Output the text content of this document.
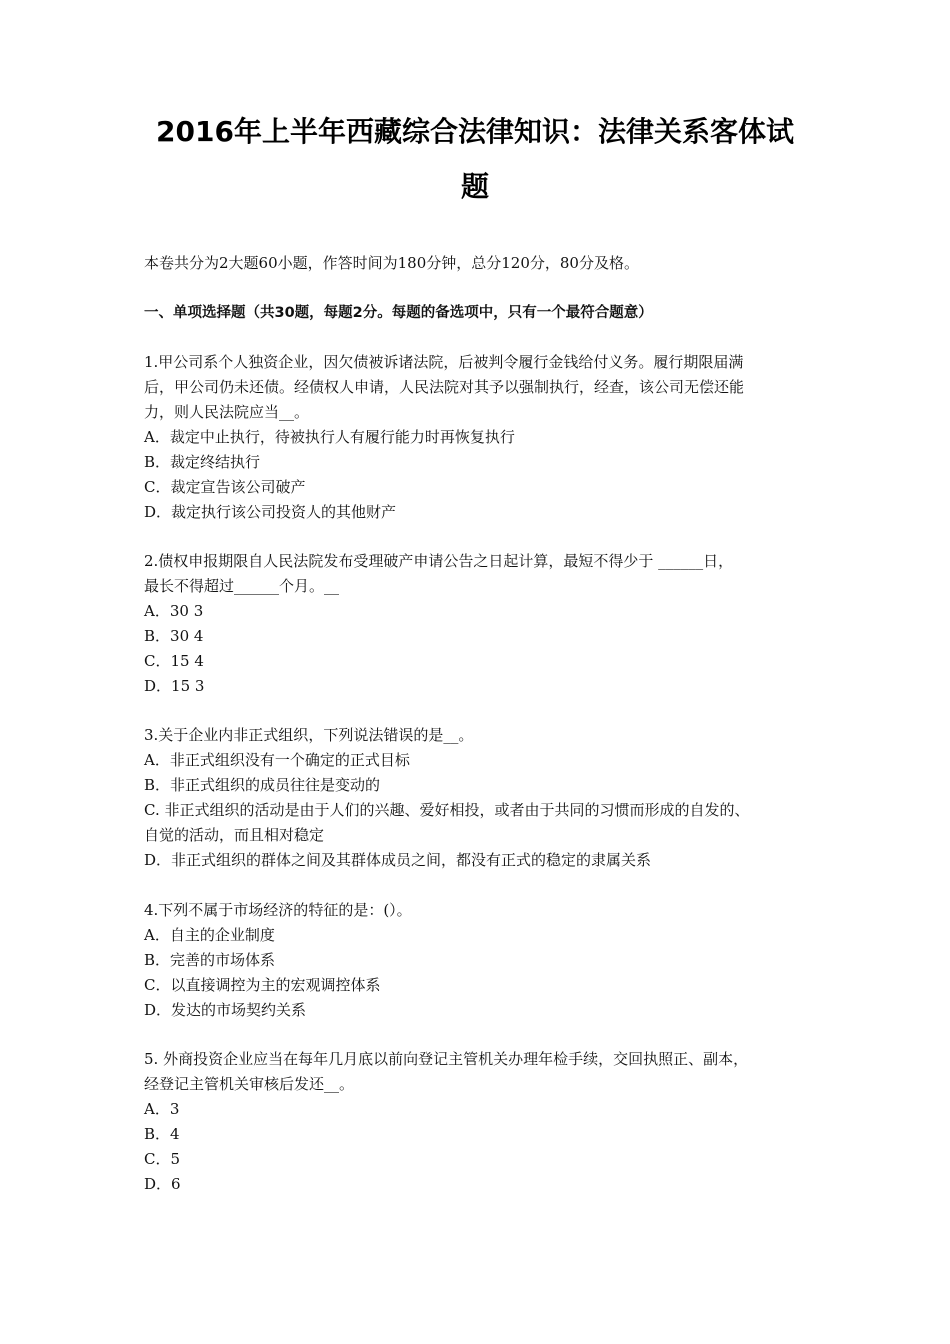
2016年上半年西藏综合法律知识：法律关系客体试
题
本卷共分为2大题60小题，作答时间为180分钟，总分120分，80分及格。
一、单项选择题（共30题，每题2分。每题的备选项中，只有一个最符合题意）
1.甲公司系个人独资企业，因欠债被诉诸法院，后被判令履行金钱给付义务。履行期限届满
后，甲公司仍未还债。经债权人申请，人民法院对其予以强制执行，经查，该公司无偿还能
力，则人民法院应当__。
A．裁定中止执行，待被执行人有履行能力时再恢复执行
B．裁定终结执行
C．裁定宣告该公司破产
D．裁定执行该公司投资人的其他财产
2.债权申报期限自人民法院发布受理破产申请公告之日起计算，最短不得少于 ______日，
最长不得超过______个月。__
A．30 3
B．30 4
C．15 4
D．15 3
3.关于企业内非正式组织，下列说法错误的是__。
A．非正式组织没有一个确定的正式目标
B．非正式组织的成员往往是变动的
C. 非正式组织的活动是由于人们的兴趣、爱好相投，或者由于共同的习惯而形成的自发的、
自觉的活动，而且相对稳定
D．非正式组织的群体之间及其群体成员之间，都没有正式的稳定的隶属关系
4.下列不属于市场经济的特征的是：(）。
A．自主的企业制度
B．完善的市场体系
C．以直接调控为主的宏观调控体系
D．发达的市场契约关系
5. 外商投资企业应当在每年几月底以前向登记主管机关办理年检手续，交回执照正、副本，
经登记主管机关审核后发还__。
A．3
B．4
C．5
D．6
